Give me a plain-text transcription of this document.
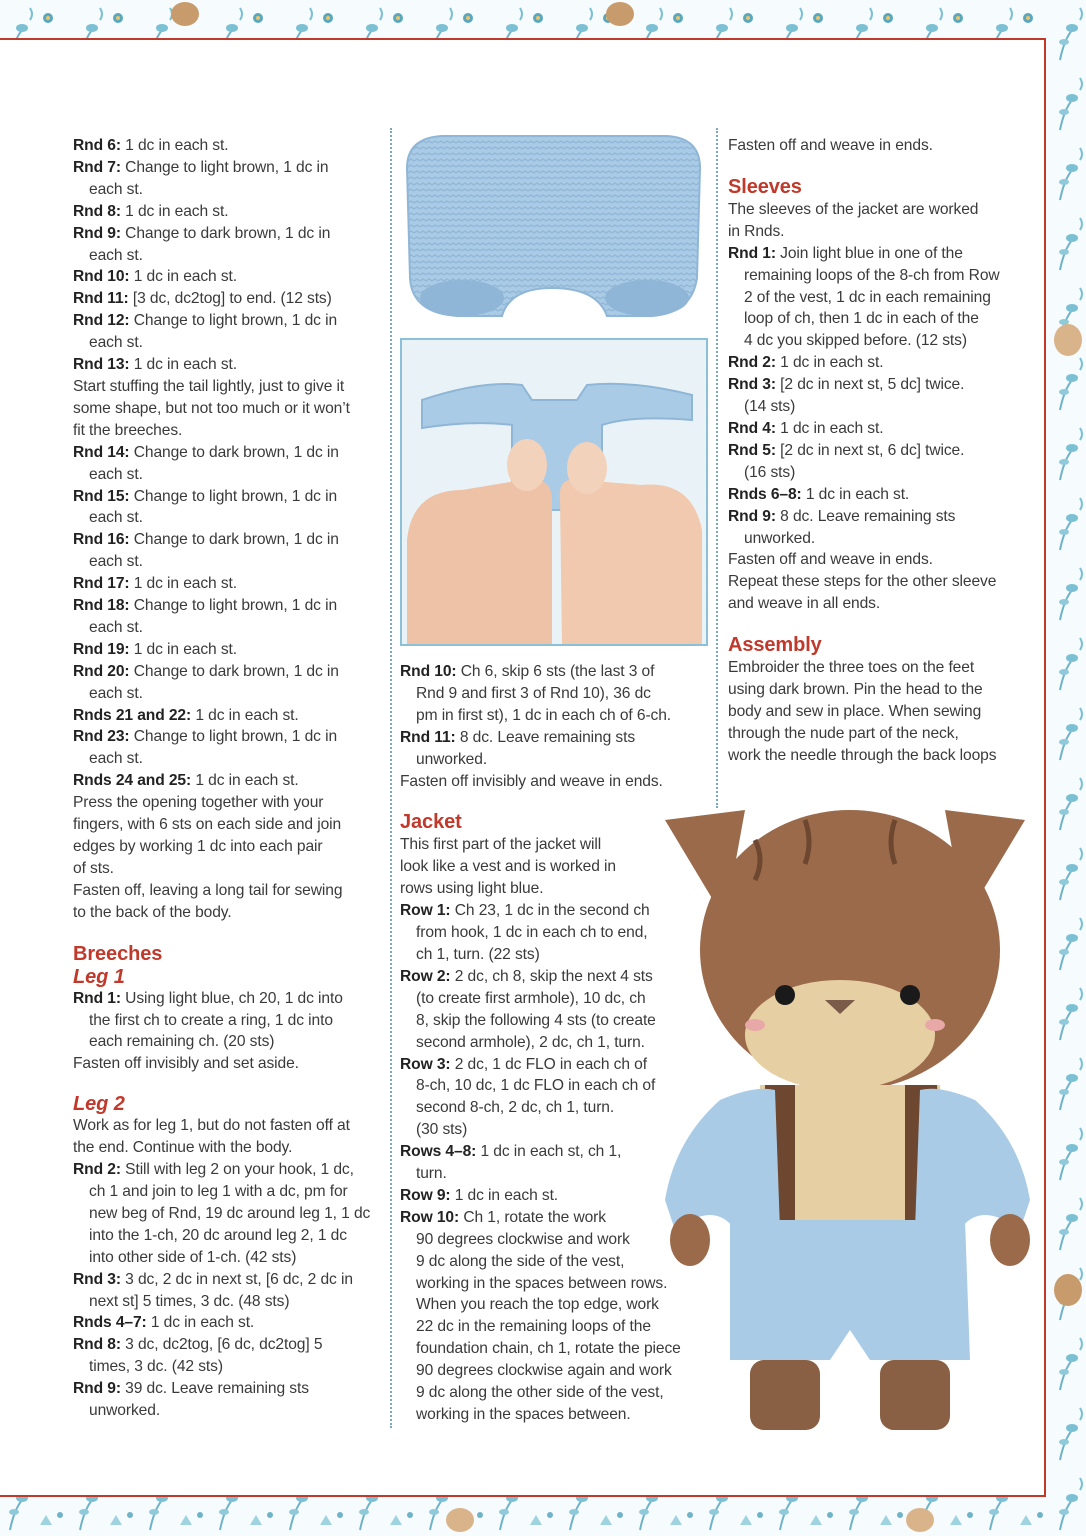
Rnd 6: 1 dc in each st.
Rnd 7: Change to light brown, 1 dc in
each st.
Rnd 8: 1 dc in each st.
Rnd 9: Change to dark brown, 1 dc in
each st.
Rnd 10: 1 dc in each st.
Rnd 11: [3 dc, dc2tog] to end. (12 sts)
Rnd 12: Change to light brown, 1 dc in
each st.
Rnd 13: 1 dc in each st.
Start stuffing the tail lightly, just to give it
some shape, but not too much or it won’t
fit the breeches.
Rnd 14: Change to dark brown, 1 dc in
each st.
Rnd 15: Change to light brown, 1 dc in
each st.
Rnd 16: Change to dark brown, 1 dc in
each st.
Rnd 17: 1 dc in each st.
Rnd 18: Change to light brown, 1 dc in
each st.
Rnd 19: 1 dc in each st.
Rnd 20: Change to dark brown, 1 dc in
each st.
Rnds 21 and 22: 1 dc in each st.
Rnd 23: Change to light brown, 1 dc in
each st.
Rnds 24 and 25: 1 dc in each st.
Press the opening together with your
fingers, with 6 sts on each side and join
edges by working 1 dc into each pair
of sts.
Fasten off, leaving a long tail for sewing
to the back of the body.
Breeches
Leg 1
Rnd 1: Using light blue, ch 20, 1 dc into
the first ch to create a ring, 1 dc into
each remaining ch. (20 sts)
Fasten off invisibly and set aside.
Leg 2
Work as for leg 1, but do not fasten off at
the end. Continue with the body.
Rnd 2: Still with leg 2 on your hook, 1 dc,
ch 1 and join to leg 1 with a dc, pm for
new beg of Rnd, 19 dc around leg 1, 1 dc
into the 1-ch, 20 dc around leg 2, 1 dc
into other side of 1-ch. (42 sts)
Rnd 3: 3 dc, 2 dc in next st, [6 dc, 2 dc in
next st] 5 times, 3 dc. (48 sts)
Rnds 4–7: 1 dc in each st.
Rnd 8: 3 dc, dc2tog, [6 dc, dc2tog] 5
times, 3 dc. (42 sts)
Rnd 9: 39 dc. Leave remaining sts
unworked.
Rnd 10: Ch 6, skip 6 sts (the last 3 of
Rnd 9 and first 3 of Rnd 10), 36 dc
pm in first st), 1 dc in each ch of 6-ch.
Rnd 11: 8 dc. Leave remaining sts
unworked.
Fasten off invisibly and weave in ends.
Jacket
This first part of the jacket will
look like a vest and is worked in
rows using light blue.
Row 1: Ch 23, 1 dc in the second ch
from hook, 1 dc in each ch to end,
ch 1, turn. (22 sts)
Row 2: 2 dc, ch 8, skip the next 4 sts
(to create first armhole), 10 dc, ch
8, skip the following 4 sts (to create
second armhole), 2 dc, ch 1, turn.
Row 3: 2 dc, 1 dc FLO in each ch of
8-ch, 10 dc, 1 dc FLO in each ch of
second 8-ch, 2 dc, ch 1, turn.
(30 sts)
Rows 4–8: 1 dc in each st, ch 1,
turn.
Row 9: 1 dc in each st.
Row 10: Ch 1, rotate the work
90 degrees clockwise and work
9 dc along the side of the vest,
working in the spaces between rows.
When you reach the top edge, work
22 dc in the remaining loops of the
foundation chain, ch 1, rotate the piece
90 degrees clockwise again and work
9 dc along the other side of the vest,
working in the spaces between.
Fasten off and weave in ends.
Sleeves
The sleeves of the jacket are worked
in Rnds.
Rnd 1: Join light blue in one of the
remaining loops of the 8-ch from Row
2 of the vest, 1 dc in each remaining
loop of ch, then 1 dc in each of the
4 dc you skipped before. (12 sts)
Rnd 2: 1 dc in each st.
Rnd 3: [2 dc in next st, 5 dc] twice.
(14 sts)
Rnd 4: 1 dc in each st.
Rnd 5: [2 dc in next st, 6 dc] twice.
(16 sts)
Rnds 6–8: 1 dc in each st.
Rnd 9: 8 dc. Leave remaining sts
unworked.
Fasten off and weave in ends.
Repeat these steps for the other sleeve
and weave in all ends.
Assembly
Embroider the three toes on the feet
using dark brown. Pin the head to the
body and sew in place. When sewing
through the nude part of the neck,
work the needle through the back loops
